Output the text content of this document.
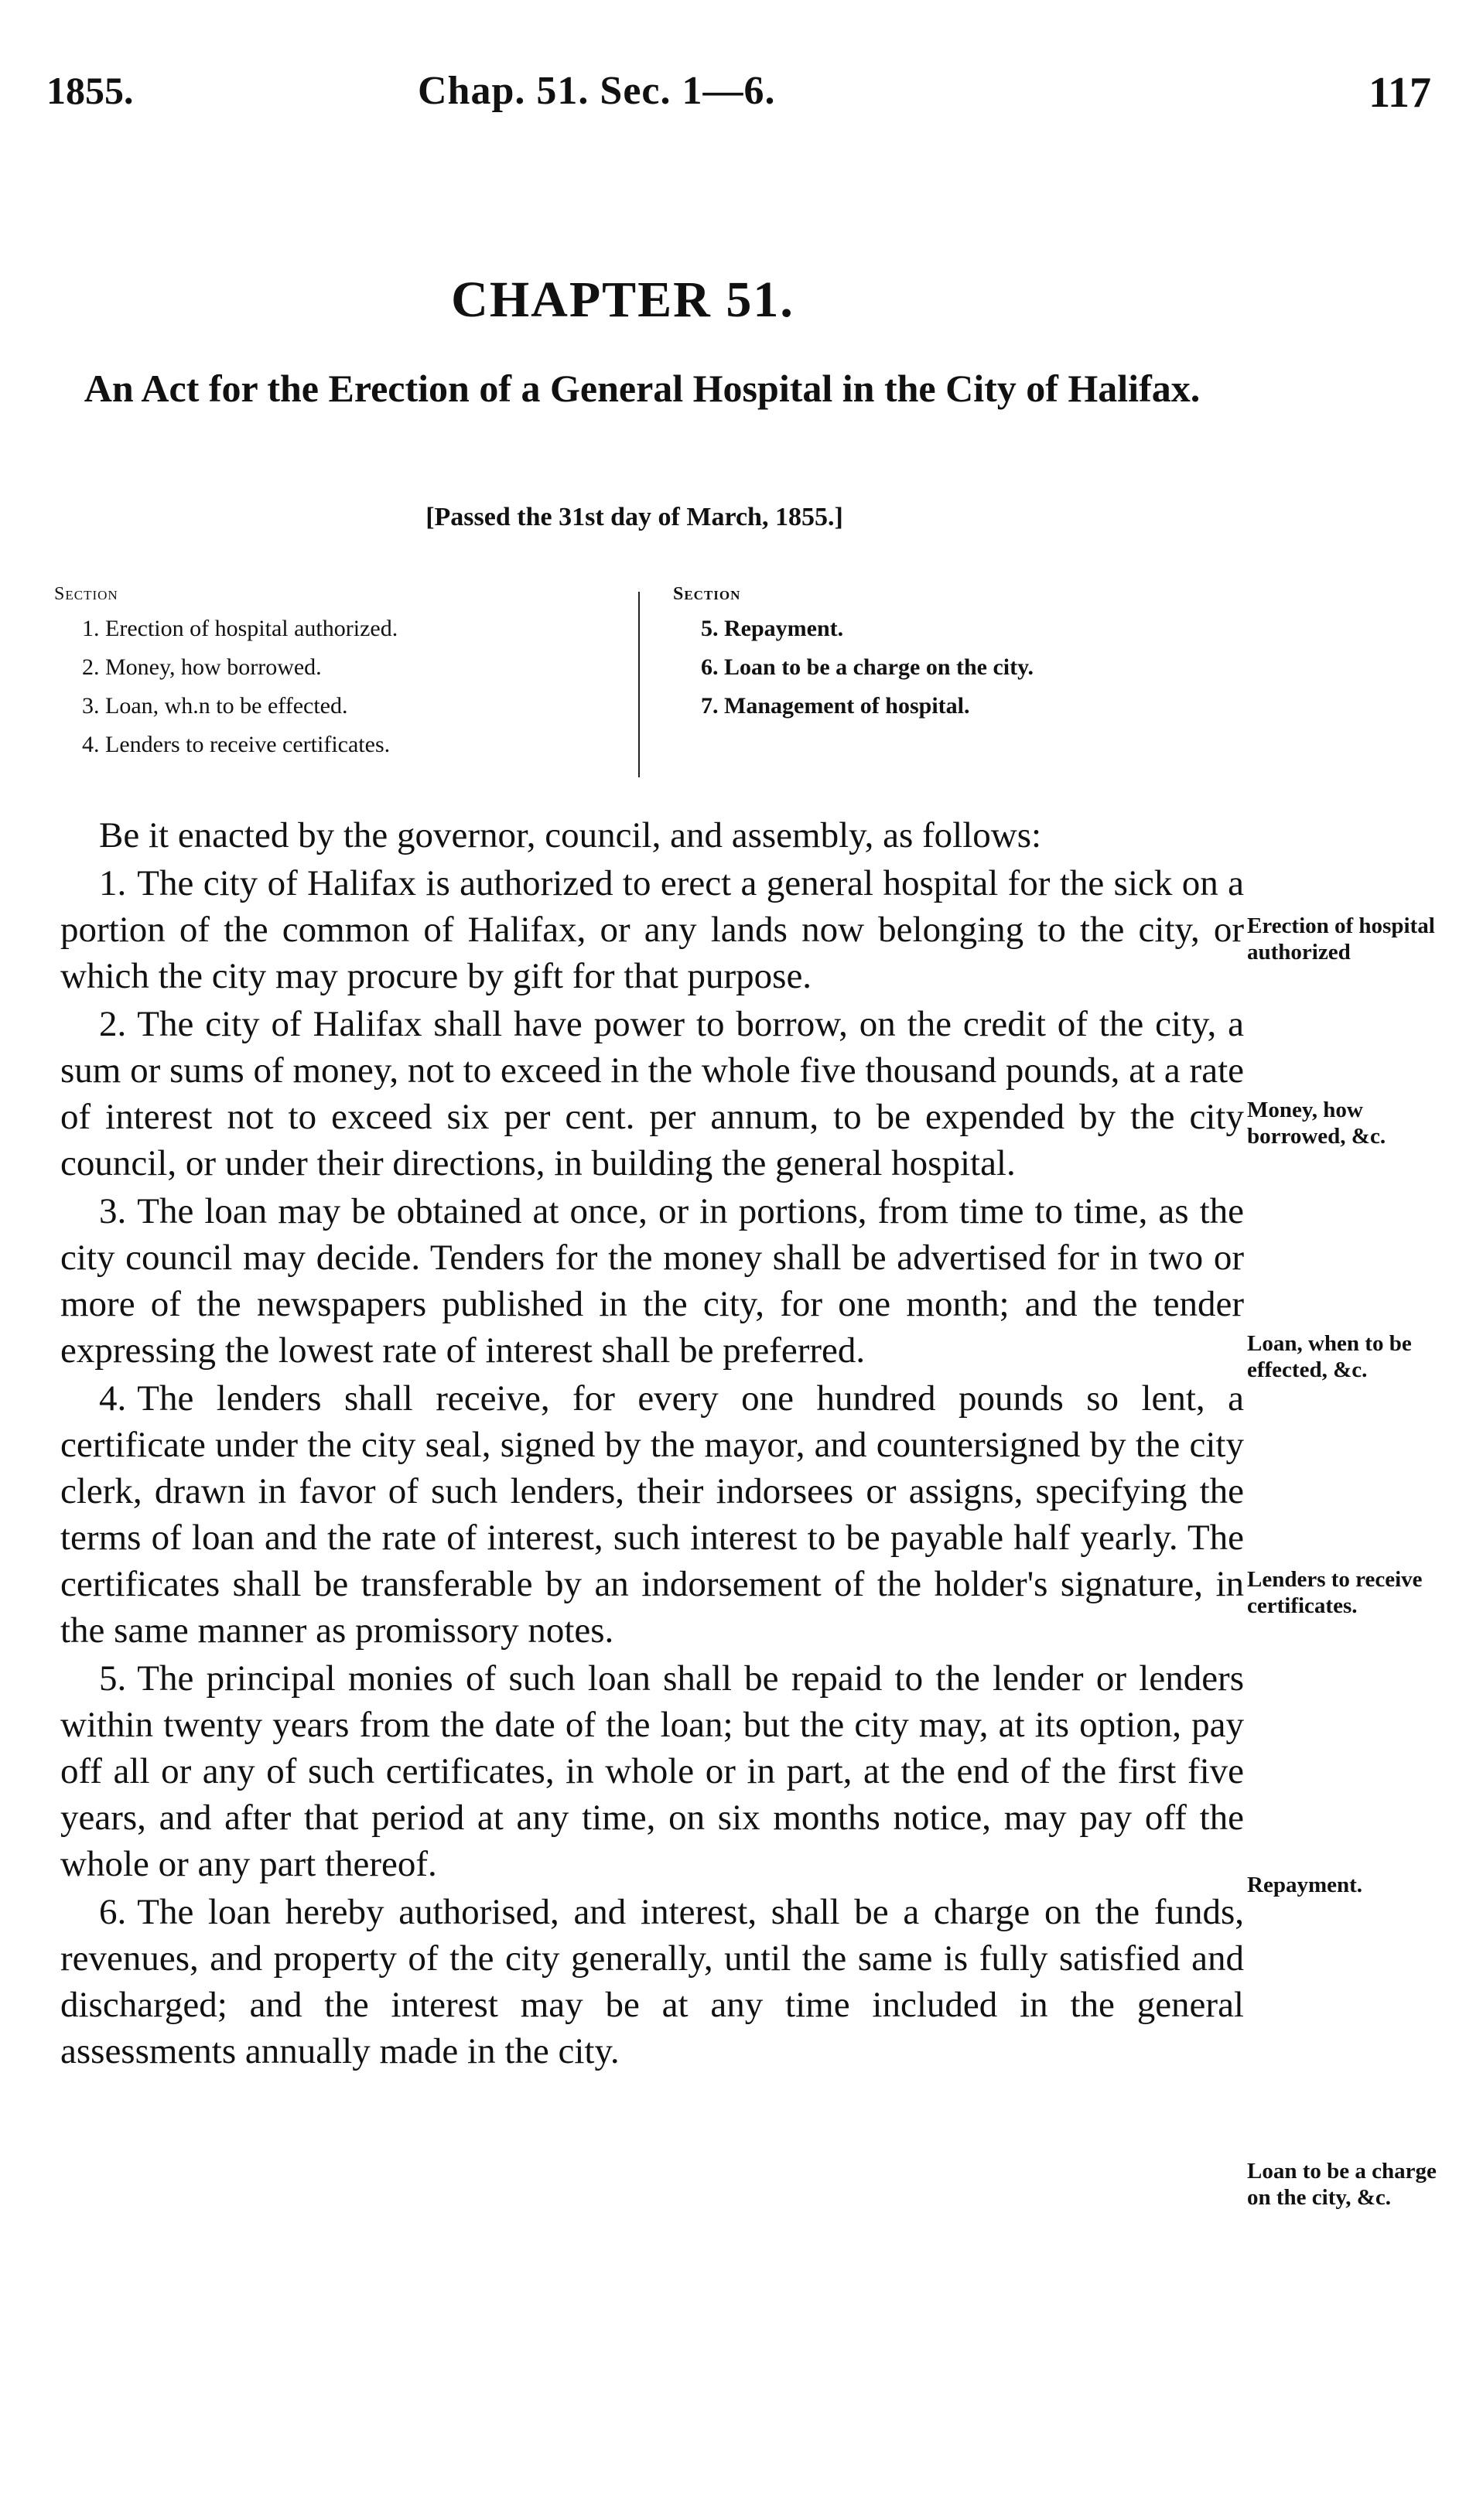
1855.	Chap. 51. Sec. 1—6.	117
CHAPTER 51.
An Act for the Erection of a General Hospital in the City of Halifax.
[Passed the 31st day of March, 1855.]
Section
1. Erection of hospital authorized.
2. Money, how borrowed.
3. Loan, wh.n to be effected.
4. Lenders to receive certificates.
Section
5. Repayment.
6. Loan to be a charge on the city.
7. Management of hospital.

Be it enacted by the governor, council, and assembly, as follows:

1. The city of Halifax is authorized to erect a general hospital for the sick on a portion of the common of Halifax, or any lands now belonging to the city, or which the city may procure by gift for that purpose.

2. The city of Halifax shall have power to borrow, on the credit of the city, a sum or sums of money, not to exceed in the whole five thousand pounds, at a rate of interest not to exceed six per cent. per annum, to be expended by the city council, or under their directions, in building the general hospital.

3. The loan may be obtained at once, or in portions, from time to time, as the city council may decide. Tenders for the money shall be advertised for in two or more of the newspapers published in the city, for one month; and the tender expressing the lowest rate of interest shall be preferred.

4. The lenders shall receive, for every one hundred pounds so lent, a certificate under the city seal, signed by the mayor, and countersigned by the city clerk, drawn in favor of such lenders, their indorsees or assigns, specifying the terms of loan and the rate of interest, such interest to be payable half yearly. The certificates shall be transferable by an indorsement of the holder's signature, in the same manner as promissory notes.

5. The principal monies of such loan shall be repaid to the lender or lenders within twenty years from the date of the loan; but the city may, at its option, pay off all or any of such certificates, in whole or in part, at the end of the first five years, and after that period at any time, on six months notice, may pay off the whole or any part thereof.

6. The loan hereby authorised, and interest, shall be a charge on the funds, revenues, and property of the city generally, until the same is fully satisfied and discharged; and the interest may be at any time included in the general assessments annually made in the city.

Erection of hospital authorized
Money, how borrowed, &c.
Loan, when to be effected, &c.
Lenders to receive certificates.
Repayment.
Loan to be a charge on the city, &c.
